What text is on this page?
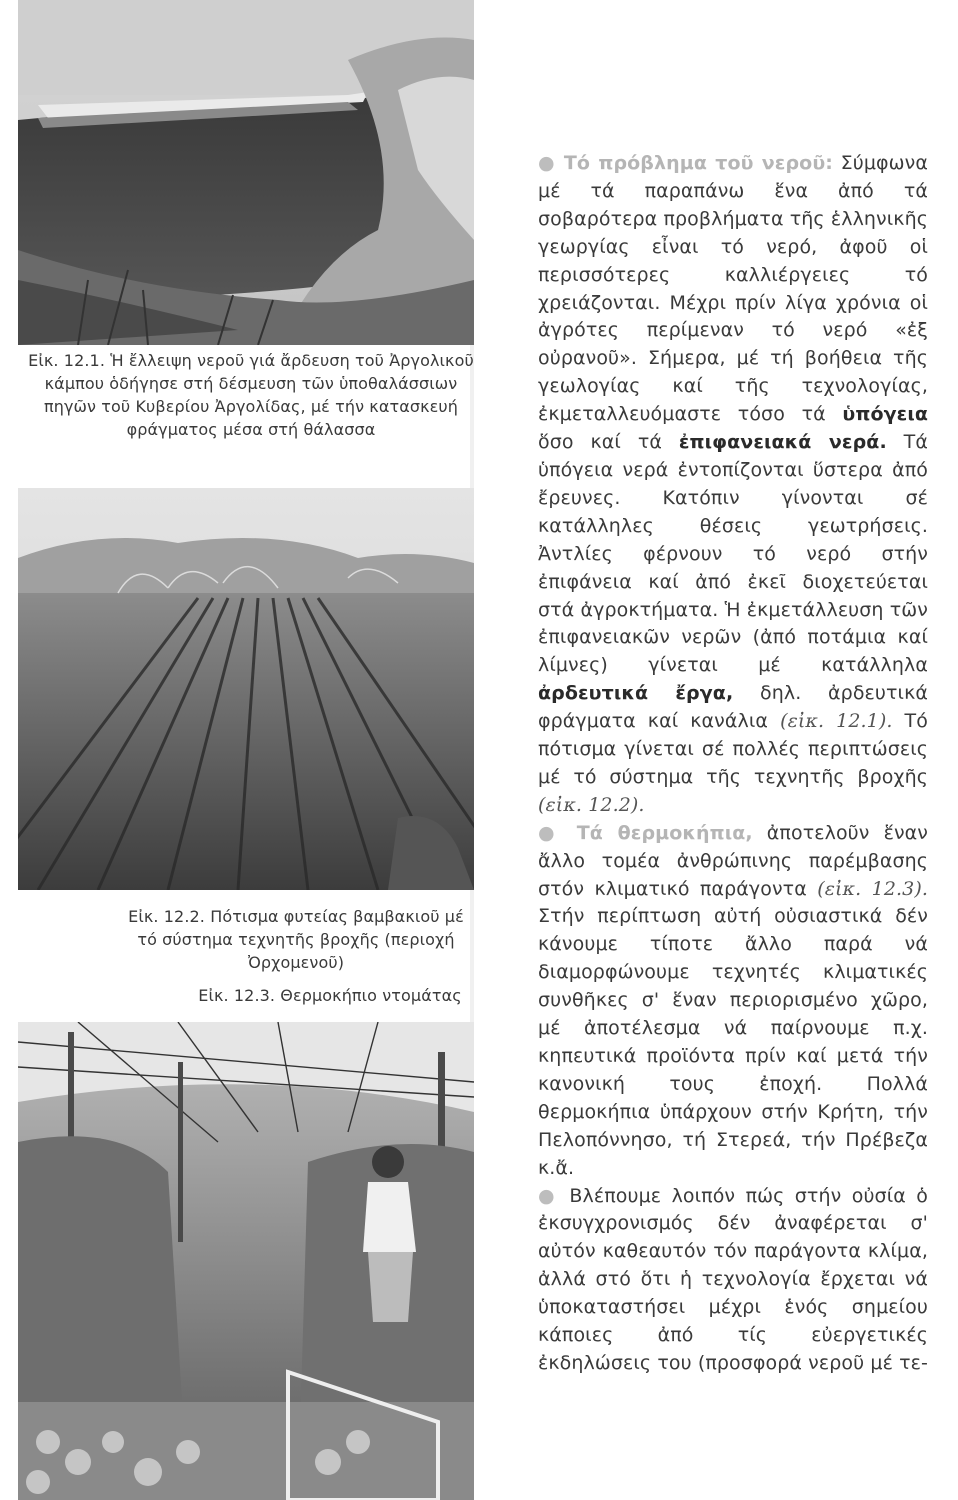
Εἰκ. 12.1. Ἡ ἔλλειψη νεροῦ γιά ἄρδευση τοῦ Ἀργολικοῦ κάμπου ὁδήγησε στή δέσμευση τῶν ὑποθαλάσσιων πηγῶν τοῦ Κυβερίου Ἀργολίδας, μέ τήν κατασκευή φράγματος μέσα στή θάλασσα
Εἰκ. 12.2. Πότισμα φυτείας βαμβακιοῦ μέ τό σύστημα τεχνητῆς βροχῆς (περιοχή Ὀρχομενοῦ)
Εἰκ. 12.3. Θερμοκήπιο ντομάτας

● Τό πρόβλημα τοῦ νεροῦ: Σύμφωνα μέ τά παραπάνω ἕνα ἀπό τά σοβαρότερα προβλήματα τῆς ἑλληνικῆς γεωργίας εἶναι τό νερό, ἀφοῦ οἱ περισσότερες καλλιέργειες τό χρειάζονται. Μέχρι πρίν λίγα χρόνια οἱ ἀγρότες περίμεναν τό νερό «ἐξ οὐρανοῦ». Σήμερα, μέ τή βοήθεια τῆς γεωλογίας καί τῆς τεχνολογίας, ἐκμεταλλευόμαστε τόσο τά ὑπόγεια ὅσο καί τά ἐπιφανειακά νερά. Τά ὑπόγεια νερά ἐντοπίζονται ὕστερα ἀπό ἔρευνες. Κατόπιν γίνονται σέ κατάλληλες θέσεις γεωτρήσεις. Ἀντλίες φέρνουν τό νερό στήν ἐπιφάνεια καί ἀπό ἐκεῖ διοχετεύεται στά ἀγροκτήματα. Ἡ ἐκμετάλλευση τῶν ἐπιφανειακῶν νερῶν (ἀπό ποτάμια καί λίμνες) γίνεται μέ κατάλληλα ἀρδευτικά ἔργα, δηλ. ἀρδευτικά φράγματα καί κανάλια (εἰκ. 12.1). Τό πότισμα γίνεται σέ πολλές περιπτώσεις μέ τό σύστημα τῆς τεχνητῆς βροχῆς (εἰκ. 12.2).

● Τά θερμοκήπια, ἀποτελοῦν ἕναν ἄλλο τομέα ἀνθρώπινης παρέμβασης στόν κλιματικό παράγοντα (εἰκ. 12.3). Στήν περίπτωση αὐτή οὐσιαστικά δέν κάνουμε τίποτε ἄλλο παρά νά διαμορφώνουμε τεχνητές κλιματικές συνθῆκες σ' ἕναν περιορισμένο χῶρο, μέ ἀποτέλεσμα νά παίρνουμε π.χ. κηπευτικά προϊόντα πρίν καί μετά τήν κανονική τους ἐποχή. Πολλά θερμοκήπια ὑπάρχουν στήν Κρήτη, τήν Πελοπόννησο, τή Στερεά, τήν Πρέβεζα κ.ἄ.

● Βλέπουμε λοιπόν πώς στήν οὐσία ὁ ἐκσυγχρονισμός δέν ἀναφέρεται σ' αὐτόν καθεαυτόν τόν παράγοντα κλίμα, ἀλλά στό ὅτι ἡ τεχνολογία ἔρχεται νά ὑποκαταστήσει μέχρι ἑνός σημείου κάποιες ἀπό τίς εὐεργετικές ἐκδηλώσεις του (προσφορά νεροῦ μέ τε-
